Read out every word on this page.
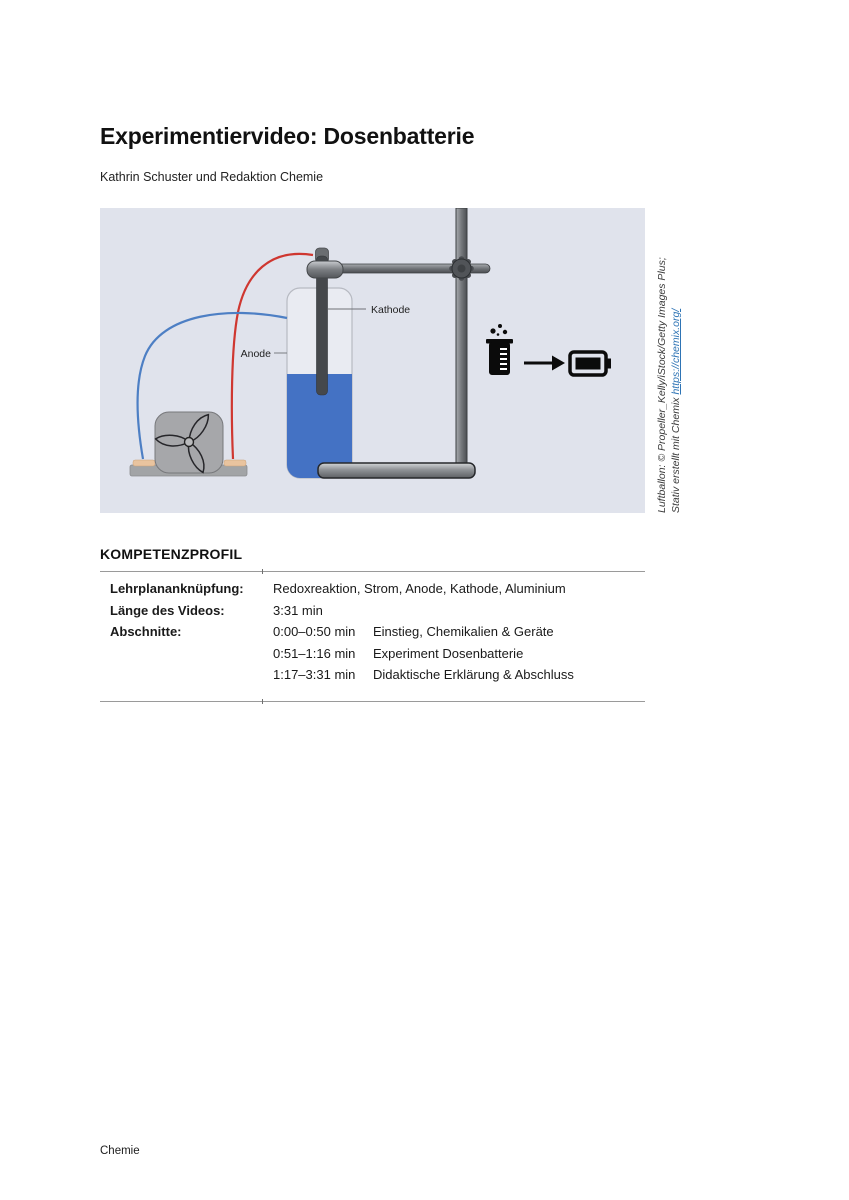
Experimentiervideo: Dosenbatterie
Kathrin Schuster und Redaktion Chemie
Kathode
Anode	Luftballon: © Propeller_Kelly/iStock/Getty Images Plus; Stativ erstellt mit Chemix https://chemix.org/
KOMPETENZPROFIL
Lehrplananknüpfung: Redoxreaktion, Strom, Anode, Kathode, Aluminium
Länge des Videos:	3:31 min
Abschnitte:	0:00–0:50 min Einstieg, Chemikalien & Geräte
0:51–1:16 min Experiment Dosenbatterie
1:17–3:31 min Didaktische Erklärung & Abschluss
Chemie
